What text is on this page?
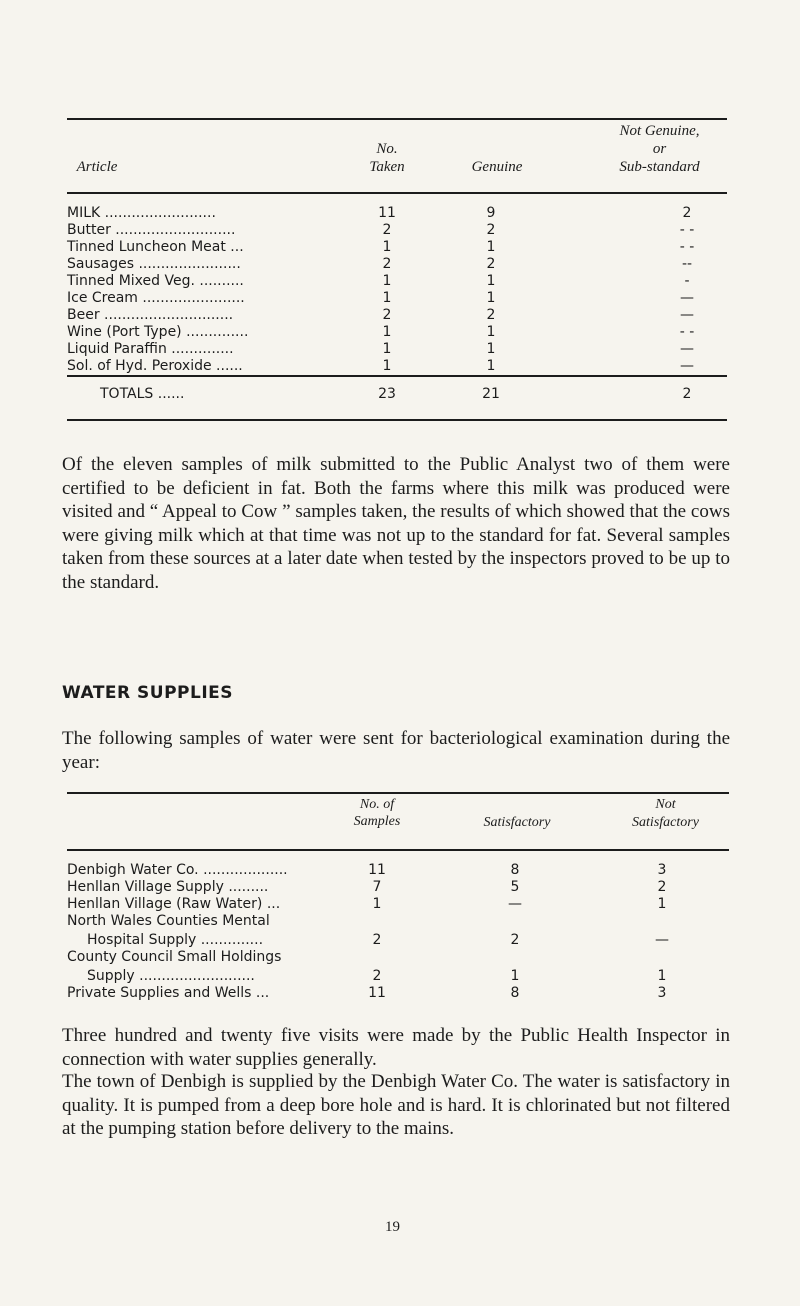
Article
No.
Taken	Genuine
Not Genuine,
or
Sub-standard
MILK .........................	11	9	2
Butter ...........................	2	2	- -
Tinned Luncheon Meat ...	1	1	- -
Sausages .......................	2	2	--
Tinned Mixed Veg. ..........	1	1	-
Ice Cream .......................	1	1	—
Beer .............................	2	2	—
Wine (Port Type) ..............	1	1	- -
Liquid Paraffin ..............	1	1	—
Sol. of Hyd. Peroxide ......	1	1	—
TOTALS ......	23	21	2
Of the eleven samples of milk submitted to the Public Analyst two of them were certified to be deficient in fat. Both the farms where this milk was produced were visited and “ Appeal to Cow ” samples taken, the results of which showed that the cows were giving milk which at that time was not up to the standard for fat. Several samples taken from these sources at a later date when tested by the inspectors proved to be up to the standard.
WATER SUPPLIES
The following samples of water were sent for bacteriological examination during the year:
No. of
Samples	Satisfactory
Not
Satisfactory
Denbigh Water Co. ...................	11	8	3
Henllan Village Supply .........	7	5	2
Henllan Village (Raw Water) ...	1	—	1
North Wales Counties Mental
Hospital Supply ..............	2	2	—
County Council Small Holdings
Supply ..........................	2	1	1
Private Supplies and Wells ...	11	8	3
Three hundred and twenty five visits were made by the Public Health Inspector in connection with water supplies generally.
The town of Denbigh is supplied by the Denbigh Water Co. The water is satisfactory in quality. It is pumped from a deep bore hole and is hard. It is chlorinated but not filtered at the pumping station before delivery to the mains.
19
